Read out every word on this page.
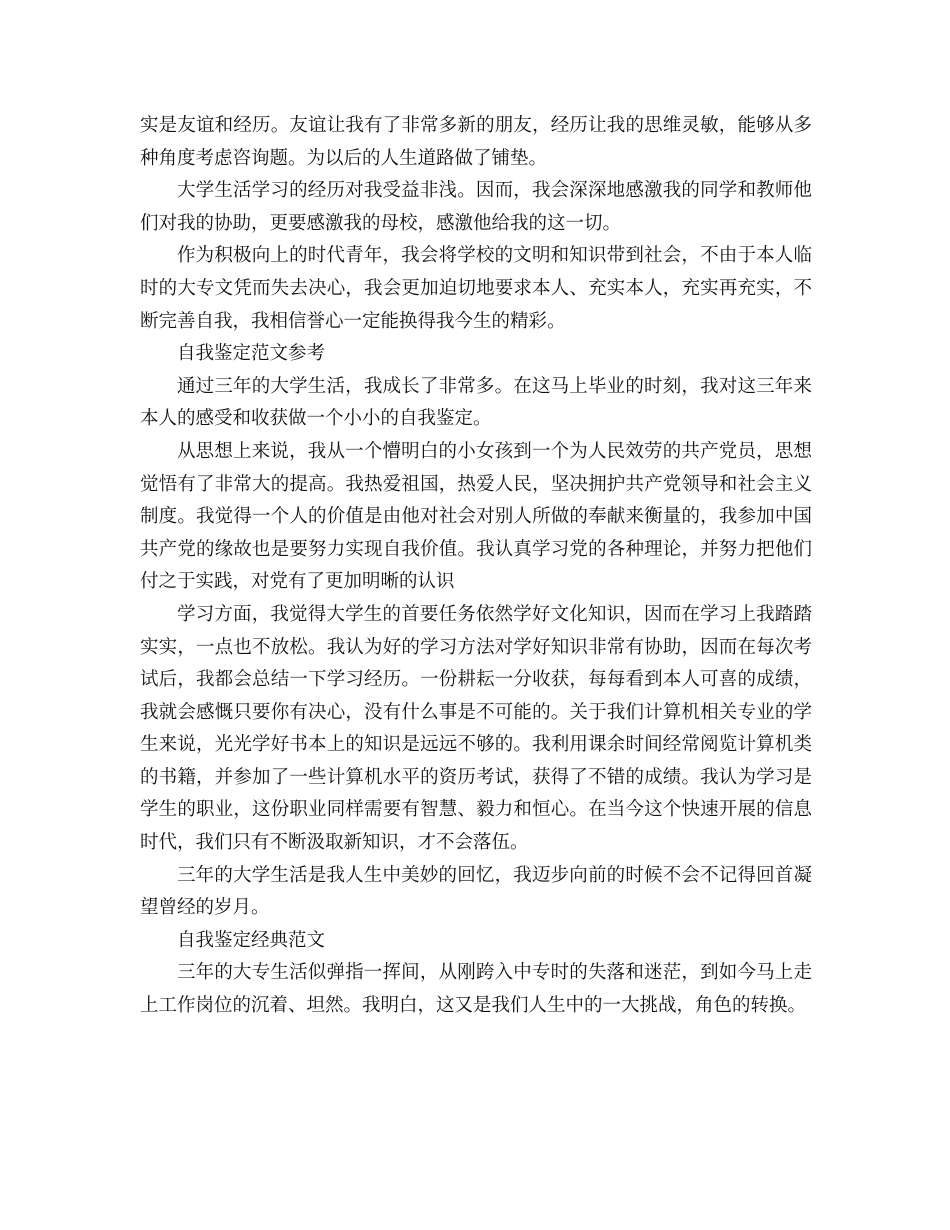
实是友谊和经历。友谊让我有了非常多新的朋友，经历让我的思维灵敏，能够从多种角度考虑咨询题。为以后的人生道路做了铺垫。

大学生活学习的经历对我受益非浅。因而，我会深深地感激我的同学和教师他们对我的协助，更要感激我的母校，感激他给我的这一切。

作为积极向上的时代青年，我会将学校的文明和知识带到社会，不由于本人临时的大专文凭而失去决心，我会更加迫切地要求本人、充实本人，充实再充实，不断完善自我，我相信誉心一定能换得我今生的精彩。

自我鉴定范文参考

通过三年的大学生活，我成长了非常多。在这马上毕业的时刻，我对这三年来本人的感受和收获做一个小小的自我鉴定。

从思想上来说，我从一个懵明白的小女孩到一个为人民效劳的共产党员，思想觉悟有了非常大的提高。我热爱祖国，热爱人民，坚决拥护共产党领导和社会主义制度。我觉得一个人的价值是由他对社会对别人所做的奉献来衡量的，我参加中国共产党的缘故也是要努力实现自我价值。我认真学习党的各种理论，并努力把他们付之于实践，对党有了更加明晰的认识

学习方面，我觉得大学生的首要任务依然学好文化知识，因而在学习上我踏踏实实，一点也不放松。我认为好的学习方法对学好知识非常有协助，因而在每次考试后，我都会总结一下学习经历。一份耕耘一分收获，每每看到本人可喜的成绩，我就会感慨只要你有决心，没有什么事是不可能的。关于我们计算机相关专业的学生来说，光光学好书本上的知识是远远不够的。我利用课余时间经常阅览计算机类的书籍，并参加了一些计算机水平的资历考试，获得了不错的成绩。我认为学习是学生的职业，这份职业同样需要有智慧、毅力和恒心。在当今这个快速开展的信息时代，我们只有不断汲取新知识，才不会落伍。

三年的大学生活是我人生中美妙的回忆，我迈步向前的时候不会不记得回首凝望曾经的岁月。

自我鉴定经典范文

三年的大专生活似弹指一挥间，从刚跨入中专时的失落和迷茫，到如今马上走上工作岗位的沉着、坦然。我明白，这又是我们人生中的一大挑战，角色的转换。
